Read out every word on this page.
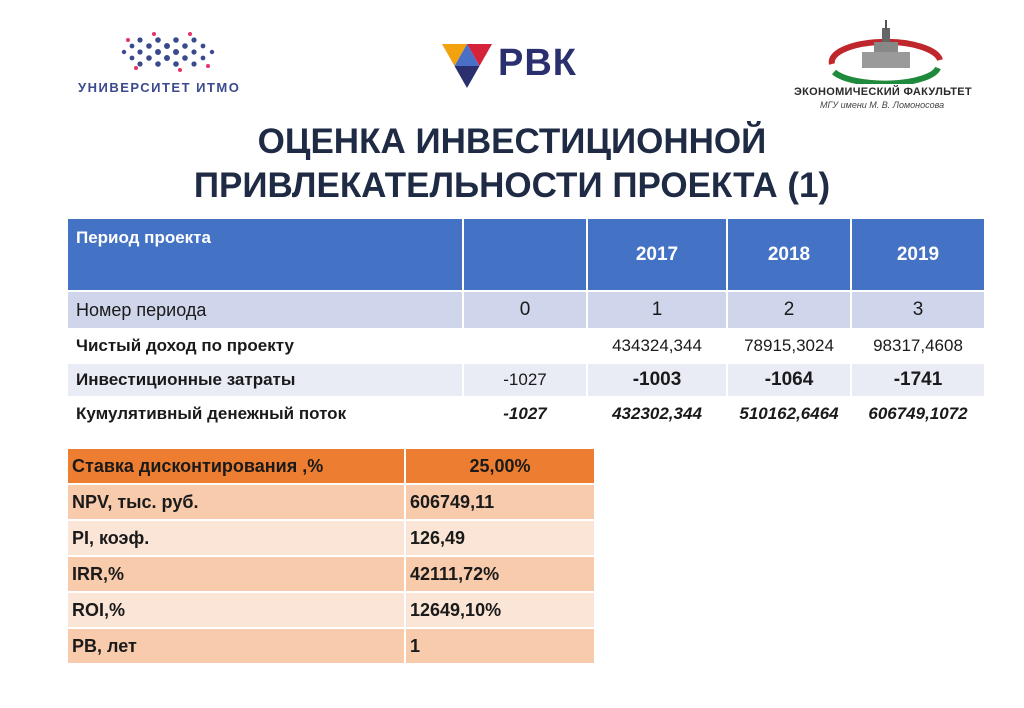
УНИВЕРСИТЕТ ИТМО
РВК
ЭКОНОМИЧЕСКИЙ ФАКУЛЬТЕТ
МГУ имени М. В. Ломоносова
ОЦЕНКА ИНВЕСТИЦИОННОЙ
ПРИВЛЕКАТЕЛЬНОСТИ ПРОЕКТА (1)
Период проекта		2017	2018	2019
Номер периода	0	1	2	3
Чистый доход по проекту		434324,344	78915,3024	98317,4608
Инвестиционные затраты	-1027	-1003	-1064	-1741
Кумулятивный денежный поток	-1027	432302,344	510162,6464	606749,1072
Ставка дисконтирования ,%	25,00%
NPV, тыс. руб.	606749,11
PI, коэф.	126,49
IRR,%	42111,72%
ROI,%	12649,10%
PB, лет	1
